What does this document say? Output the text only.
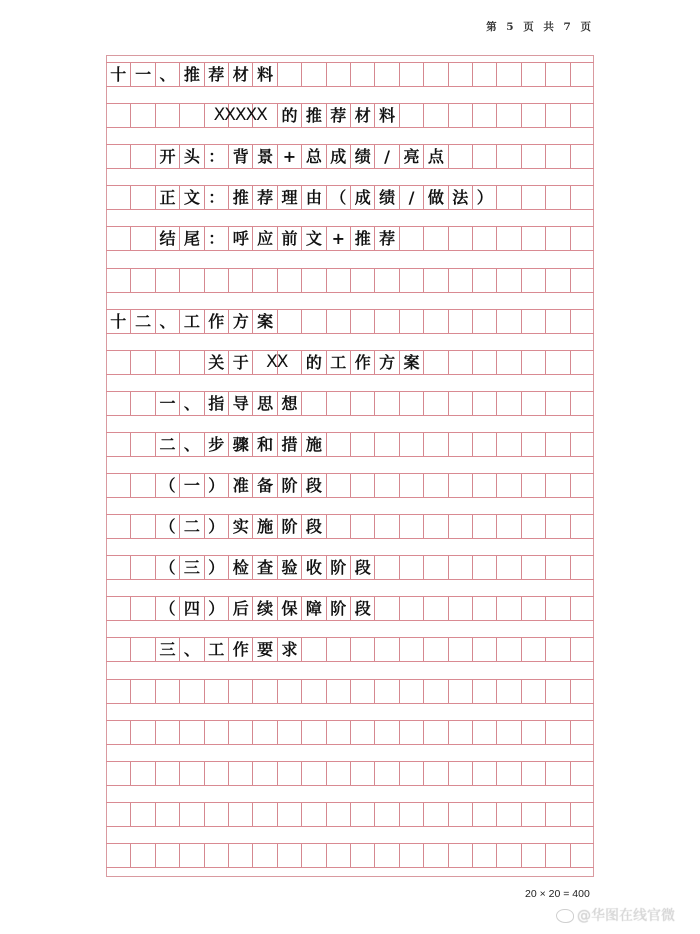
第 5 页 共 7 页
十 一 、 推 荐 材 料
的 推 荐 材 料
XXXXX
开 头 ： 背 景 + 总 成 绩 / 亮 点
正 文 ： 推 荐 理 由 （ 成 绩 / 做 法 ）
结 尾 ： 呼 应 前 文 + 推 荐
十 二 、 工 作 方 案
关 于	的 工 作 方 案
XX
一 、 指 导 思 想
二 、 步 骤 和 措 施
（ 一 ） 准 备 阶 段
（ 二 ） 实 施 阶 段
（ 三 ） 检 查 验 收 阶 段
（ 四 ） 后 续 保 障 阶 段
三 、 工 作 要 求
20 × 20 = 400
@华图在线官微
